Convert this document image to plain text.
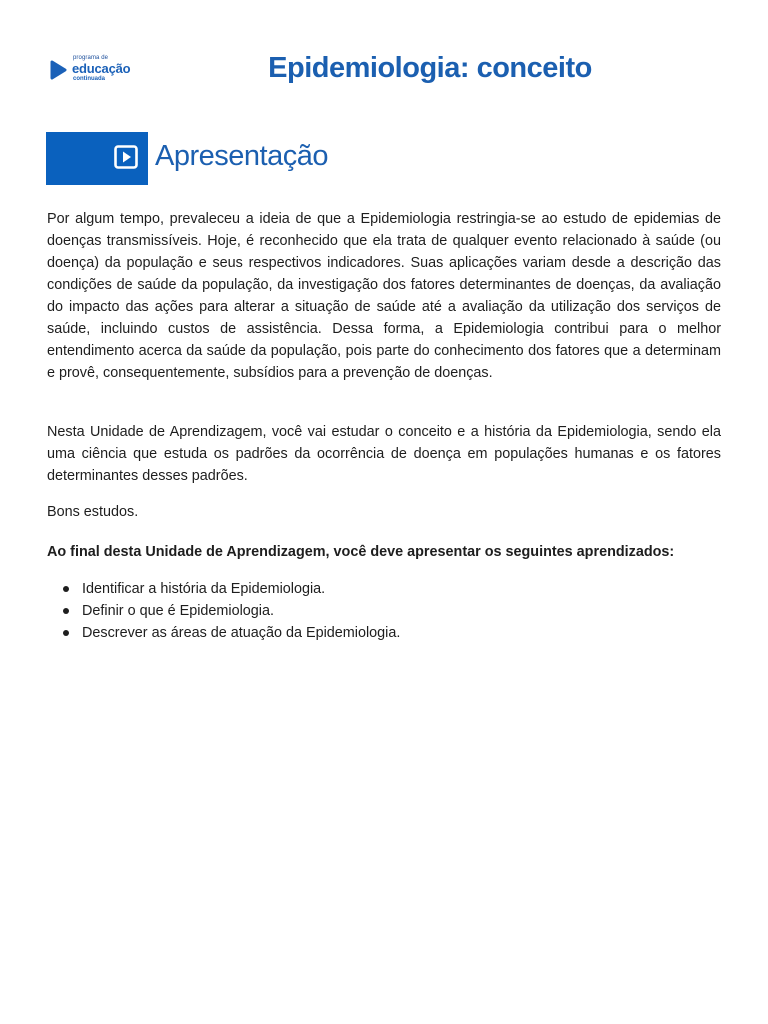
programa de
educação
continuada	Epidemiologia: conceito
Apresentação

Por algum tempo, prevaleceu a ideia de que a Epidemiologia restringia-se ao estudo de epidemias de doenças transmissíveis. Hoje, é reconhecido que ela trata de qualquer evento relacionado à saúde (ou doença) da população e seus respectivos indicadores. Suas aplicações variam desde a descrição das condições de saúde da população, da investigação dos fatores determinantes de doenças, da avaliação do impacto das ações para alterar a situação de saúde até a avaliação da utilização dos serviços de saúde, incluindo custos de assistência. Dessa forma, a Epidemiologia contribui para o melhor entendimento acerca da saúde da população, pois parte do conhecimento dos fatores que a determinam e provê, consequentemente, subsídios para a prevenção de doenças.

Nesta Unidade de Aprendizagem, você vai estudar o conceito e a história da Epidemiologia, sendo ela uma ciência que estuda os padrões da ocorrência de doença em populações humanas e os fatores determinantes desses padrões.

Bons estudos.

Ao final desta Unidade de Aprendizagem, você deve apresentar os seguintes aprendizados:

Identificar a história da Epidemiologia.
Definir o que é Epidemiologia.
Descrever as áreas de atuação da Epidemiologia.
